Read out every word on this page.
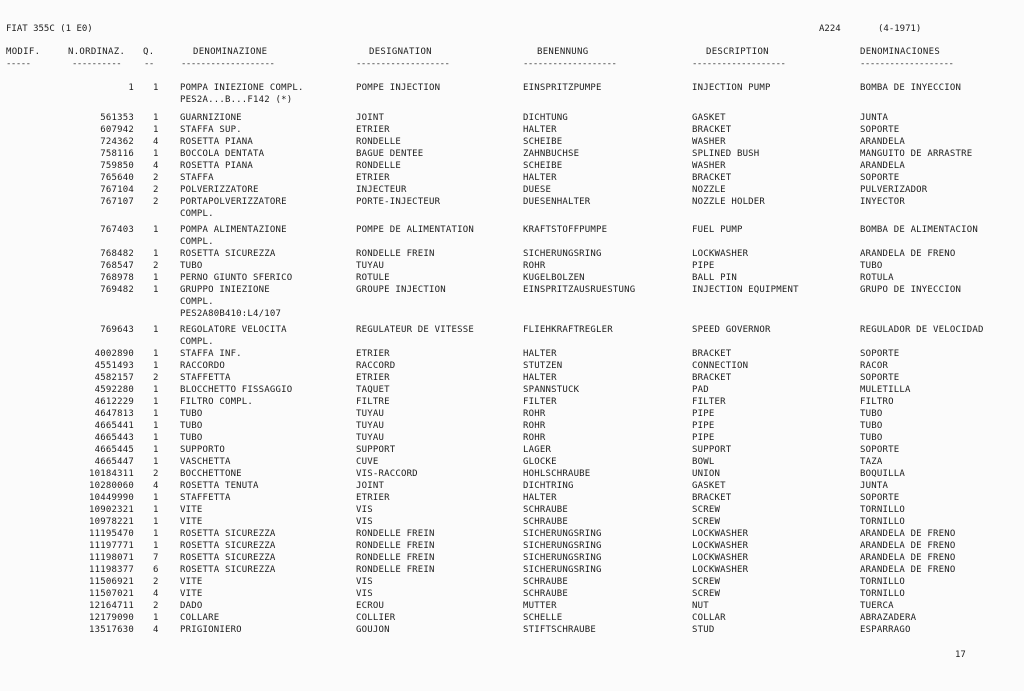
FIAT 355C (1 E0)	A224	(4-1971)
MODIF.	N.ORDINAZ. Q.	DENOMINAZIONE	DESIGNATION	BENENNUNG	DESCRIPTION	DENOMINACIONES
-----	----------	--	-------------------	-------------------	-------------------	-------------------	-------------------
1 1 POMPA INIEZIONE COMPL.	POMPE INJECTION	EINSPRITZPUMPE	INJECTION PUMP	BOMBA DE INYECCION
PES2A...B...F142 (*)
561353 1 GUARNIZIONE	JOINT	DICHTUNG	GASKET	JUNTA
607942 1 STAFFA SUP.	ETRIER	HALTER	BRACKET	SOPORTE
724362 4 ROSETTA PIANA	RONDELLE	SCHEIBE	WASHER	ARANDELA
758116 1 BOCCOLA DENTATA	BAGUE DENTEE	ZAHNBUCHSE	SPLINED BUSH	MANGUITO DE ARRASTRE
759850 4 ROSETTA PIANA	RONDELLE	SCHEIBE	WASHER	ARANDELA
765640 2 STAFFA	ETRIER	HALTER	BRACKET	SOPORTE
767104 2 POLVERIZZATORE	INJECTEUR	DUESE	NOZZLE	PULVERIZADOR
767107 2 PORTAPOLVERIZZATORE	PORTE-INJECTEUR	DUESENHALTER	NOZZLE HOLDER	INYECTOR
COMPL.
767403 1 POMPA ALIMENTAZIONE	POMPE DE ALIMENTATION	KRAFTSTOFFPUMPE	FUEL PUMP	BOMBA DE ALIMENTACION
COMPL.
768482 1 ROSETTA SICUREZZA	RONDELLE FREIN	SICHERUNGSRING	LOCKWASHER	ARANDELA DE FRENO
768547 2 TUBO	TUYAU	ROHR	PIPE	TUBO
768978 1 PERNO GIUNTO SFERICO	ROTULE	KUGELBOLZEN	BALL PIN	ROTULA
769482 1 GRUPPO INIEZIONE	GROUPE INJECTION	EINSPRITZAUSRUESTUNG	INJECTION EQUIPMENT	GRUPO DE INYECCION
COMPL.
PES2A80B410:L4/107
769643 1 REGOLATORE VELOCITA	REGULATEUR DE VITESSE	FLIEHKRAFTREGLER	SPEED GOVERNOR	REGULADOR DE VELOCIDAD
COMPL.
4002890 1 STAFFA INF.	ETRIER	HALTER	BRACKET	SOPORTE
4551493 1 RACCORDO	RACCORD	STUTZEN	CONNECTION	RACOR
4582157 2 STAFFETTA	ETRIER	HALTER	BRACKET	SOPORTE
4592280 1 BLOCCHETTO FISSAGGIO	TAQUET	SPANNSTUCK	PAD	MULETILLA
4612229 1 FILTRO COMPL.	FILTRE	FILTER	FILTER	FILTRO
4647813 1 TUBO	TUYAU	ROHR	PIPE	TUBO
4665441 1 TUBO	TUYAU	ROHR	PIPE	TUBO
4665443 1 TUBO	TUYAU	ROHR	PIPE	TUBO
4665445 1 SUPPORTO	SUPPORT	LAGER	SUPPORT	SOPORTE
4665447 1 VASCHETTA	CUVE	GLOCKE	BOWL	TAZA
10184311 2 BOCCHETTONE	VIS-RACCORD	HOHLSCHRAUBE	UNION	BOQUILLA
10280060 4 ROSETTA TENUTA	JOINT	DICHTRING	GASKET	JUNTA
10449990 1 STAFFETTA	ETRIER	HALTER	BRACKET	SOPORTE
10902321 1 VITE	VIS	SCHRAUBE	SCREW	TORNILLO
10978221 1 VITE	VIS	SCHRAUBE	SCREW	TORNILLO
11195470 1 ROSETTA SICUREZZA	RONDELLE FREIN	SICHERUNGSRING	LOCKWASHER	ARANDELA DE FRENO
11197771 1 ROSETTA SICUREZZA	RONDELLE FREIN	SICHERUNGSRING	LOCKWASHER	ARANDELA DE FRENO
11198071 7 ROSETTA SICUREZZA	RONDELLE FREIN	SICHERUNGSRING	LOCKWASHER	ARANDELA DE FRENO
11198377 6 ROSETTA SICUREZZA	RONDELLE FREIN	SICHERUNGSRING	LOCKWASHER	ARANDELA DE FRENO
11506921 2 VITE	VIS	SCHRAUBE	SCREW	TORNILLO
11507021 4 VITE	VIS	SCHRAUBE	SCREW	TORNILLO
12164711 2 DADO	ECROU	MUTTER	NUT	TUERCA
12179090 1 COLLARE	COLLIER	SCHELLE	COLLAR	ABRAZADERA
13517630 4 PRIGIONIERO	GOUJON	STIFTSCHRAUBE	STUD	ESPARRAGO
17
